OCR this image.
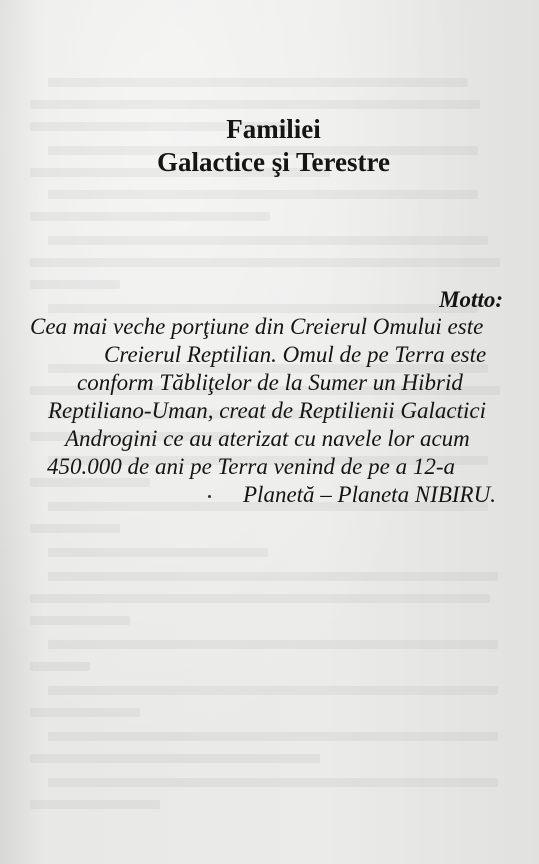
Familiei
Galactice şi Terestre

Motto:

Cea mai veche porţiune din Creierul Omului este

Creierul Reptilian. Omul de pe Terra este

conform Tăbliţelor de la Sumer un Hibrid

Reptiliano-Uman, creat de Reptilienii Galactici

Androgini ce au aterizat cu navele lor acum

450.000 de ani pe Terra venind de pe a 12-a

Planetă – Planeta NIBIRU.
